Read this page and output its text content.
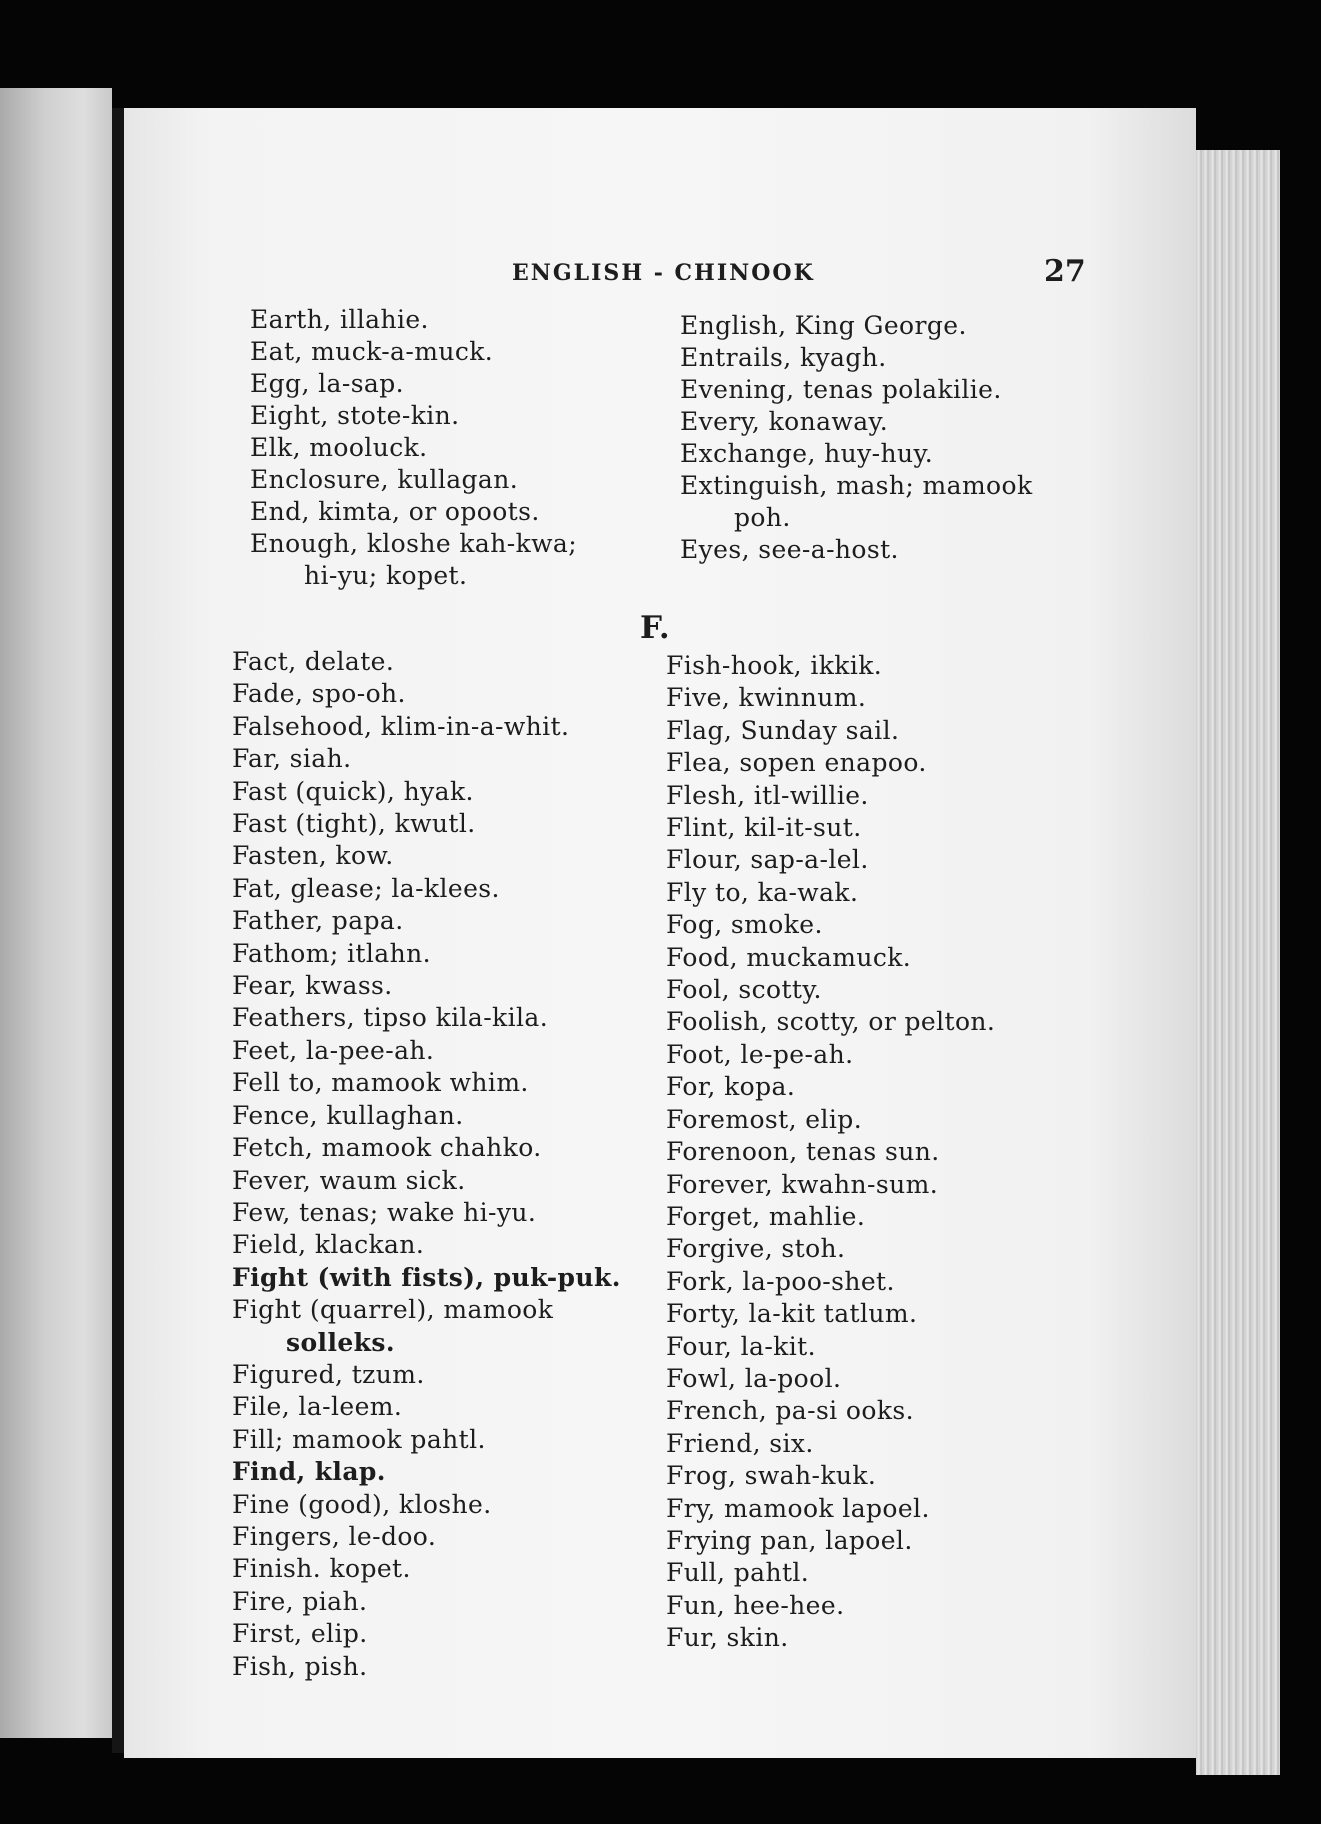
ENGLISH - CHINOOK	27
Earth, illahie.
Eat, muck-a-muck.
Egg, la-sap.
Eight, stote-kin.
Elk, mooluck.
Enclosure, kullagan.
End, kimta, or opoots.
Enough, kloshe kah-kwa;
hi-yu; kopet.
English, King George.
Entrails, kyagh.
Evening, tenas polakilie.
Every, konaway.
Exchange, huy-huy.
Extinguish, mash; mamook
poh.
Eyes, see-a-host.
F.
Fact, delate.
Fade, spo-oh.
Falsehood, klim-in-a-whit.
Far, siah.
Fast (quick), hyak.
Fast (tight), kwutl.
Fasten, kow.
Fat, glease; la-klees.
Father, papa.
Fathom; itlahn.
Fear, kwass.
Feathers, tipso kila-kila.
Feet, la-pee-ah.
Fell to, mamook whim.
Fence, kullaghan.
Fetch, mamook chahko.
Fever, waum sick.
Few, tenas; wake hi-yu.
Field, klackan.
Fight (with fists), puk-puk.
Fight (quarrel), mamook
solleks.
Figured, tzum.
File, la-leem.
Fill; mamook pahtl.
Find, klap.
Fine (good), kloshe.
Fingers, le-doo.
Finish. kopet.
Fire, piah.
First, elip.
Fish, pish.
Fish-hook, ikkik.
Five, kwinnum.
Flag, Sunday sail.
Flea, sopen enapoo.
Flesh, itl-willie.
Flint, kil-it-sut.
Flour, sap-a-lel.
Fly to, ka-wak.
Fog, smoke.
Food, muckamuck.
Fool, scotty.
Foolish, scotty, or pelton.
Foot, le-pe-ah.
For, kopa.
Foremost, elip.
Forenoon, tenas sun.
Forever, kwahn-sum.
Forget, mahlie.
Forgive, stoh.
Fork, la-poo-shet.
Forty, la-kit tatlum.
Four, la-kit.
Fowl, la-pool.
French, pa-si ooks.
Friend, six.
Frog, swah-kuk.
Fry, mamook lapoel.
Frying pan, lapoel.
Full, pahtl.
Fun, hee-hee.
Fur, skin.
